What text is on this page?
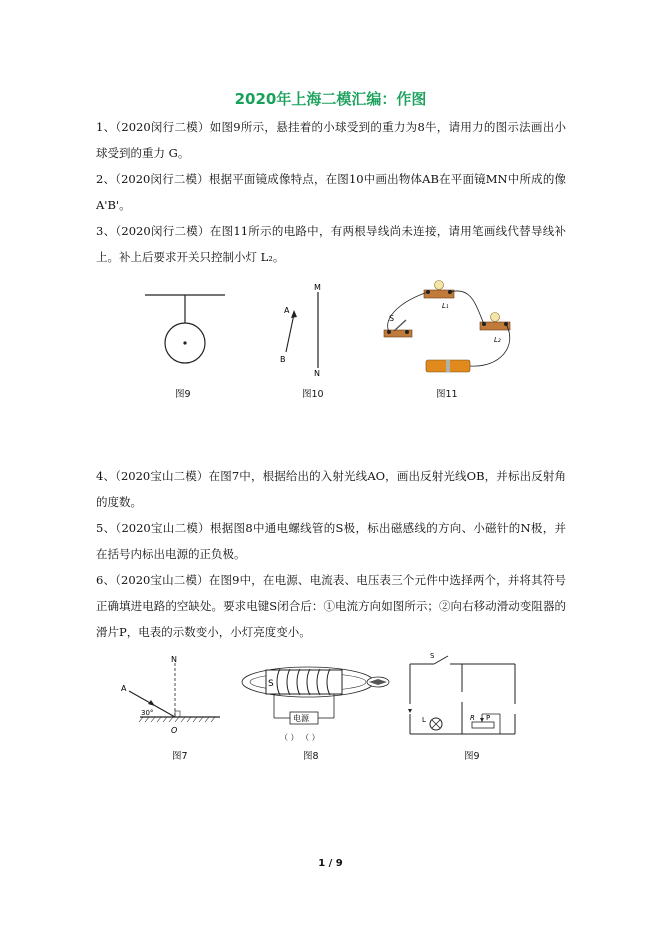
2020年上海二模汇编：作图
1、（2020闵行二模）如图9所示，悬挂着的小球受到的重力为8牛，请用力的图示法画出小球受到的重力 G。
2、（2020闵行二模）根据平面镜成像特点，在图10中画出物体AB在平面镜MN中所成的像A'B'。
3、（2020闵行二模）在图11所示的电路中，有两根导线尚未连接，请用笔画线代替导线补上。补上后要求开关只控制小灯 L₂。
图9
M
N
A
B
图10
L₁
L₂
S
图11
4、（2020宝山二模）在图7中，根据给出的入射光线AO，画出反射光线OB，并标出反射角的度数。
5、（2020宝山二模）根据图8中通电螺线管的S极，标出磁感线的方向、小磁针的N极，并在括号内标出电源的正负极。
6、（2020宝山二模）在图9中，在电源、电流表、电压表三个元件中选择两个，并将其符号正确填进电路的空缺处。要求电键S闭合后：①电流方向如图所示；②向右移动滑动变阻器的滑片P，电表的示数变小，小灯亮度变小。
N
A
O
30°
图7
S
电源
（ ） （ ）
图8
S
L	R P
图9
1 / 9
